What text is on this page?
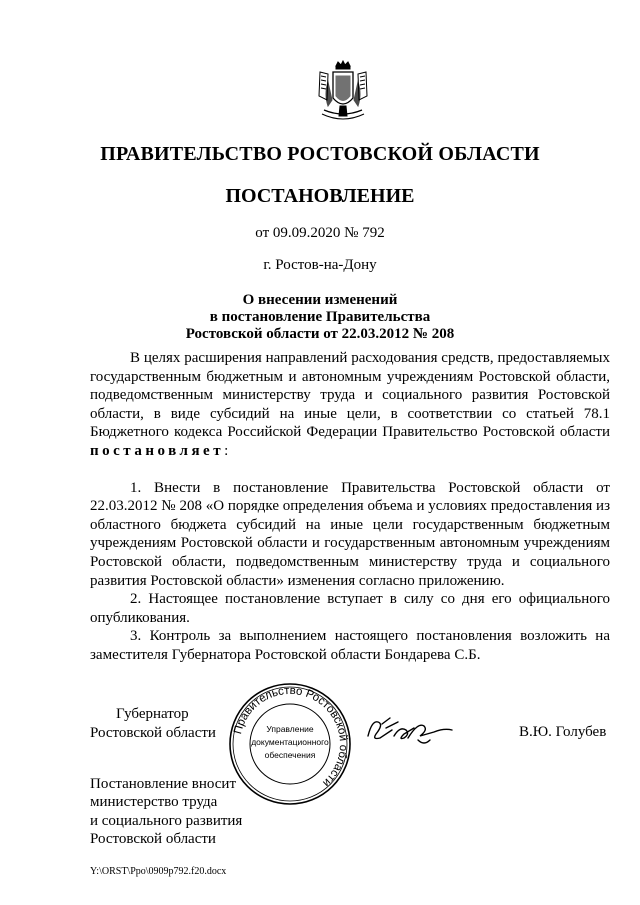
ПРАВИТЕЛЬСТВО РОСТОВСКОЙ ОБЛАСТИ
ПОСТАНОВЛЕНИЕ
от 09.09.2020 № 792
г. Ростов-на-Дону
О внесении изменений
в постановление Правительства
Ростовской области от 22.03.2012 № 208

В целях расширения направлений расходования средств, предоставляемых государственным бюджетным и автономным учреждениям Ростовской области, подведомственным министерству труда и социального развития Ростовской области, в виде субсидий на иные цели, в соответствии со статьей 78.1 Бюджетного кодекса Российской Федерации Правительство Ростовской области постановляет:

1. Внести в постановление Правительства Ростовской области от 22.03.2012 № 208 «О порядке определения объема и условиях предоставления из областного бюджета субсидий на иные цели государственным бюджетным учреждениям Ростовской области и государственным автономным учреждениям Ростовской области, подведомственным министерству труда и социального развития Ростовской области» изменения согласно приложению.

2. Настоящее постановление вступает в силу со дня его официального опубликования.

3. Контроль за выполнением настоящего постановления возложить на заместителя Губернатора Ростовской области Бондарева С.Б.

Губернатор
Ростовской области Правительство Ростовской области
Управление
документационного
обеспечения
В.Ю. Голубев
Постановление вносит
министерство труда
и социального развития
Ростовской области
Y:\ORST\Ppo\0909p792.f20.docx
